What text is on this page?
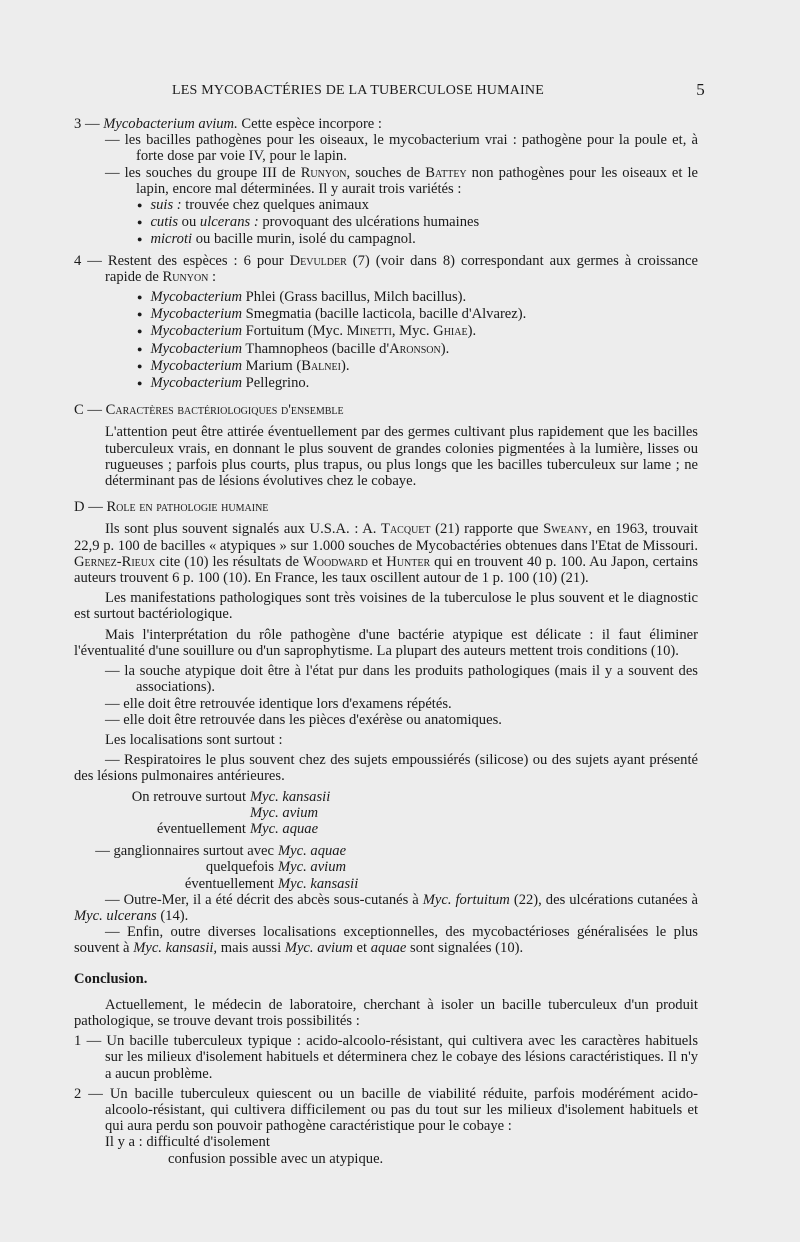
LES MYCOBACTÉRIES DE LA TUBERCULOSE HUMAINE	5

3 — Mycobacterium avium. Cette espèce incorpore :

— les bacilles pathogènes pour les oiseaux, le mycobacterium vrai : pathogène pour la poule et, à forte dose par voie IV, pour le lapin.

— les souches du groupe III de Runyon, souches de Battey non pathogènes pour les oiseaux et le lapin, encore mal déterminées. Il y aurait trois variétés :

● suis : trouvée chez quelques animaux

● cutis ou ulcerans : provoquant des ulcérations humaines

● microti ou bacille murin, isolé du campagnol.

4 — Restent des espèces : 6 pour Devulder (7) (voir dans 8) correspondant aux germes à croissance rapide de Runyon :

● Mycobacterium Phlei (Grass bacillus, Milch bacillus).

● Mycobacterium Smegmatia (bacille lacticola, bacille d'Alvarez).

● Mycobacterium Fortuitum (Myc. Minetti, Myc. Ghiae).

● Mycobacterium Thamnopheos (bacille d'Aronson).

● Mycobacterium Marium (Balnei).

● Mycobacterium Pellegrino.

C — Caractères bactériologiques d'ensemble

L'attention peut être attirée éventuellement par des germes cultivant plus rapidement que les bacilles tuberculeux vrais, en donnant le plus souvent de grandes colonies pigmentées à la lumière, lisses ou rugueuses ; parfois plus courts, plus trapus, ou plus longs que les bacilles tuberculeux sur lame ; ne déterminant pas de lésions évolutives chez le cobaye.

D — Role en pathologie humaine

Ils sont plus souvent signalés aux U.S.A. : A. Tacquet (21) rapporte que Sweany, en 1963, trouvait 22,9 p. 100 de bacilles « atypiques » sur 1.000 souches de Mycobactéries obtenues dans l'Etat de Missouri. Gernez-Rieux cite (10) les résultats de Woodward et Hunter qui en trouvent 40 p. 100. Au Japon, certains auteurs trouvent 6 p. 100 (10). En France, les taux oscillent autour de 1 p. 100 (10) (21).

Les manifestations pathologiques sont très voisines de la tuberculose le plus souvent et le diagnostic est surtout bactériologique.

Mais l'interprétation du rôle pathogène d'une bactérie atypique est délicate : il faut éliminer l'éventualité d'une souillure ou d'un saprophytisme. La plupart des auteurs mettent trois conditions (10).

— la souche atypique doit être à l'état pur dans les produits pathologiques (mais il y a souvent des associations).

— elle doit être retrouvée identique lors d'examens répétés.

— elle doit être retrouvée dans les pièces d'exérèse ou anatomiques.

Les localisations sont surtout :

— Respiratoires le plus souvent chez des sujets empoussiérés (silicose) ou des sujets ayant présenté des lésions pulmonaires antérieures.

On retrouve surtout Myc. kansasii
Myc. avium
éventuellement Myc. aquae
— ganglionnaires surtout avec Myc. aquae
quelquefois Myc. avium
éventuellement Myc. kansasii

— Outre-Mer, il a été décrit des abcès sous-cutanés à Myc. fortuitum (22), des ulcérations cutanées à Myc. ulcerans (14).

— Enfin, outre diverses localisations exceptionnelles, des mycobactérioses généralisées le plus souvent à Myc. kansasii, mais aussi Myc. avium et aquae sont signalées (10).

Conclusion.

Actuellement, le médecin de laboratoire, cherchant à isoler un bacille tuberculeux d'un produit pathologique, se trouve devant trois possibilités :

1 — Un bacille tuberculeux typique : acido-alcoolo-résistant, qui cultivera avec les caractères habituels sur les milieux d'isolement habituels et déterminera chez le cobaye des lésions caractéristiques. Il n'y a aucun problème.

2 — Un bacille tuberculeux quiescent ou un bacille de viabilité réduite, parfois modérément acido-alcoolo-résistant, qui cultivera difficilement ou pas du tout sur les milieux d'isolement habituels et qui aura perdu son pouvoir pathogène caractéristique pour le cobaye :

Il y a : difficulté d'isolement

confusion possible avec un atypique.
